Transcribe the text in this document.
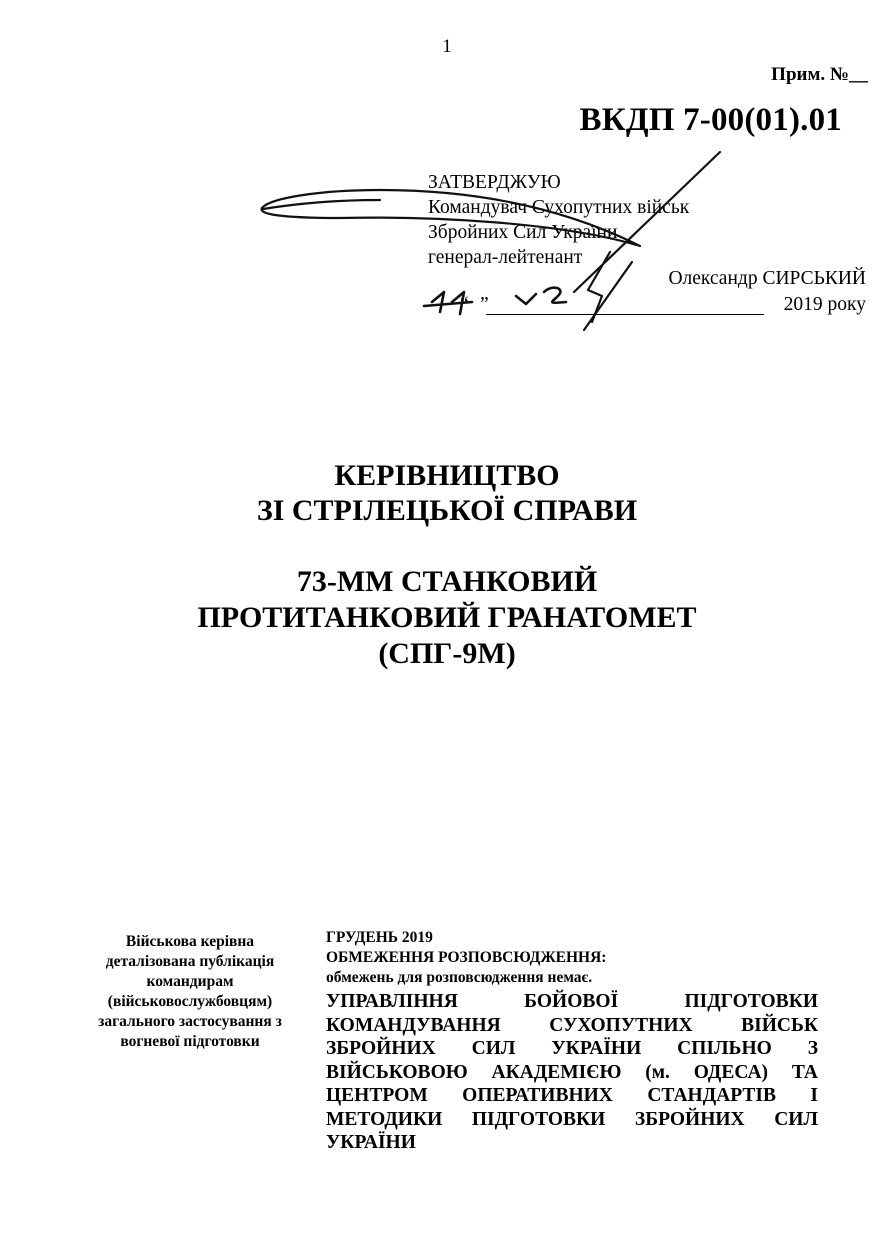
1
Прим. №__
ВКДП 7-00(01).01
ЗАТВЕРДЖУЮ
Командувач Сухопутних військ
Збройних Сил України
генерал-лейтенант
Олександр СИРСЬКИЙ
“ ”	2019 року
КЕРІВНИЦТВО
ЗІ СТРІЛЕЦЬКОЇ СПРАВИ
73-ММ СТАНКОВИЙ
ПРОТИТАНКОВИЙ ГРАНАТОМЕТ
(СПГ-9М)
Військова керівна
деталізована публікація
командирам
(військовослужбовцям)
загального застосування з
вогневої підготовки
ГРУДЕНЬ 2019
ОБМЕЖЕННЯ РОЗПОВСЮДЖЕННЯ:
обмежень для розповсюдження немає.
УПРАВЛІННЯ БОЙОВОЇ ПІДГОТОВКИ КОМАНДУВАННЯ СУХОПУТНИХ ВІЙСЬК ЗБРОЙНИХ СИЛ УКРАЇНИ СПІЛЬНО З ВІЙСЬКОВОЮ АКАДЕМІЄЮ (м. ОДЕСА) ТА ЦЕНТРОМ ОПЕРАТИВНИХ СТАНДАРТІВ І МЕТОДИКИ ПІДГОТОВКИ ЗБРОЙНИХ СИЛ УКРАЇНИ
